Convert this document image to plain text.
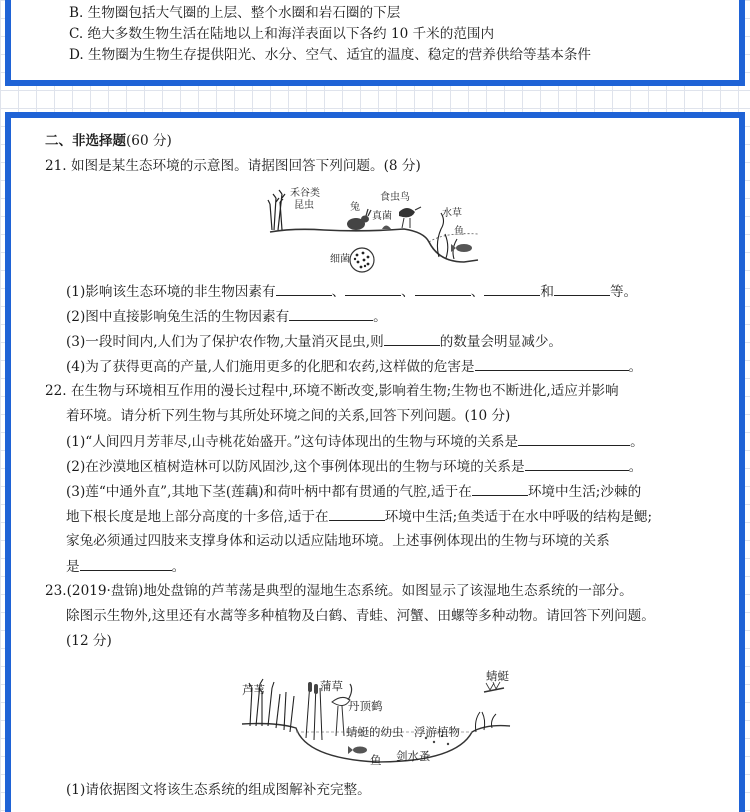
B. 生物圈包括大气圈的上层、整个水圈和岩石圈的下层
C. 绝大多数生物生活在陆地以上和海洋表面以下各约 10 千米的范围内
D. 生物圈为生物生存提供阳光、水分、空气、适宜的温度、稳定的营养供给等基本条件
二、非选择题(60 分)
21. 如图是某生态环境的示意图。请据图回答下列问题。(8 分)
禾谷类
昆虫	兔
食虫鸟
真菌	水草
鱼
细菌
(1)影响该生态环境的非生物因素有	、	、	、	和	等。
(2)图中直接影响兔生活的生物因素有	。
(3)一段时间内,人们为了保护农作物,大量消灭昆虫,则	的数量会明显减少。
(4)为了获得更高的产量,人们施用更多的化肥和农药,这样做的危害是	。
22. 在生物与环境相互作用的漫长过程中,环境不断改变,影响着生物;生物也不断进化,适应并影响
着环境。请分析下列生物与其所处环境之间的关系,回答下列问题。(10 分)
(1)“人间四月芳菲尽,山寺桃花始盛开。”这句诗体现出的生物与环境的关系是	。
(2)在沙漠地区植树造林可以防风固沙,这个事例体现出的生物与环境的关系是	。
(3)莲“中通外直”,其地下茎(莲藕)和荷叶柄中都有贯通的气腔,适于在	环境中生活;沙棘的
地下根长度是地上部分高度的十多倍,适于在	环境中生活;鱼类适于在水中呼吸的结构是鳃;
家兔必须通过四肢来支撑身体和运动以适应陆地环境。上述事例体现出的生物与环境的关系
是	。
23.(2019·盘锦)地处盘锦的芦苇荡是典型的湿地生态系统。如图显示了该湿地生态系统的一部分。
除图示生物外,这里还有水蒿等多种植物及白鹤、青蛙、河蟹、田螺等多种动物。请回答下列问题。
(12 分)
芦苇	蒲草
丹顶鹤
蜻蜓
蜻蜓的幼虫 浮游植物
鱼 剑水蚤
(1)请依据图文将该生态系统的组成图解补充完整。
